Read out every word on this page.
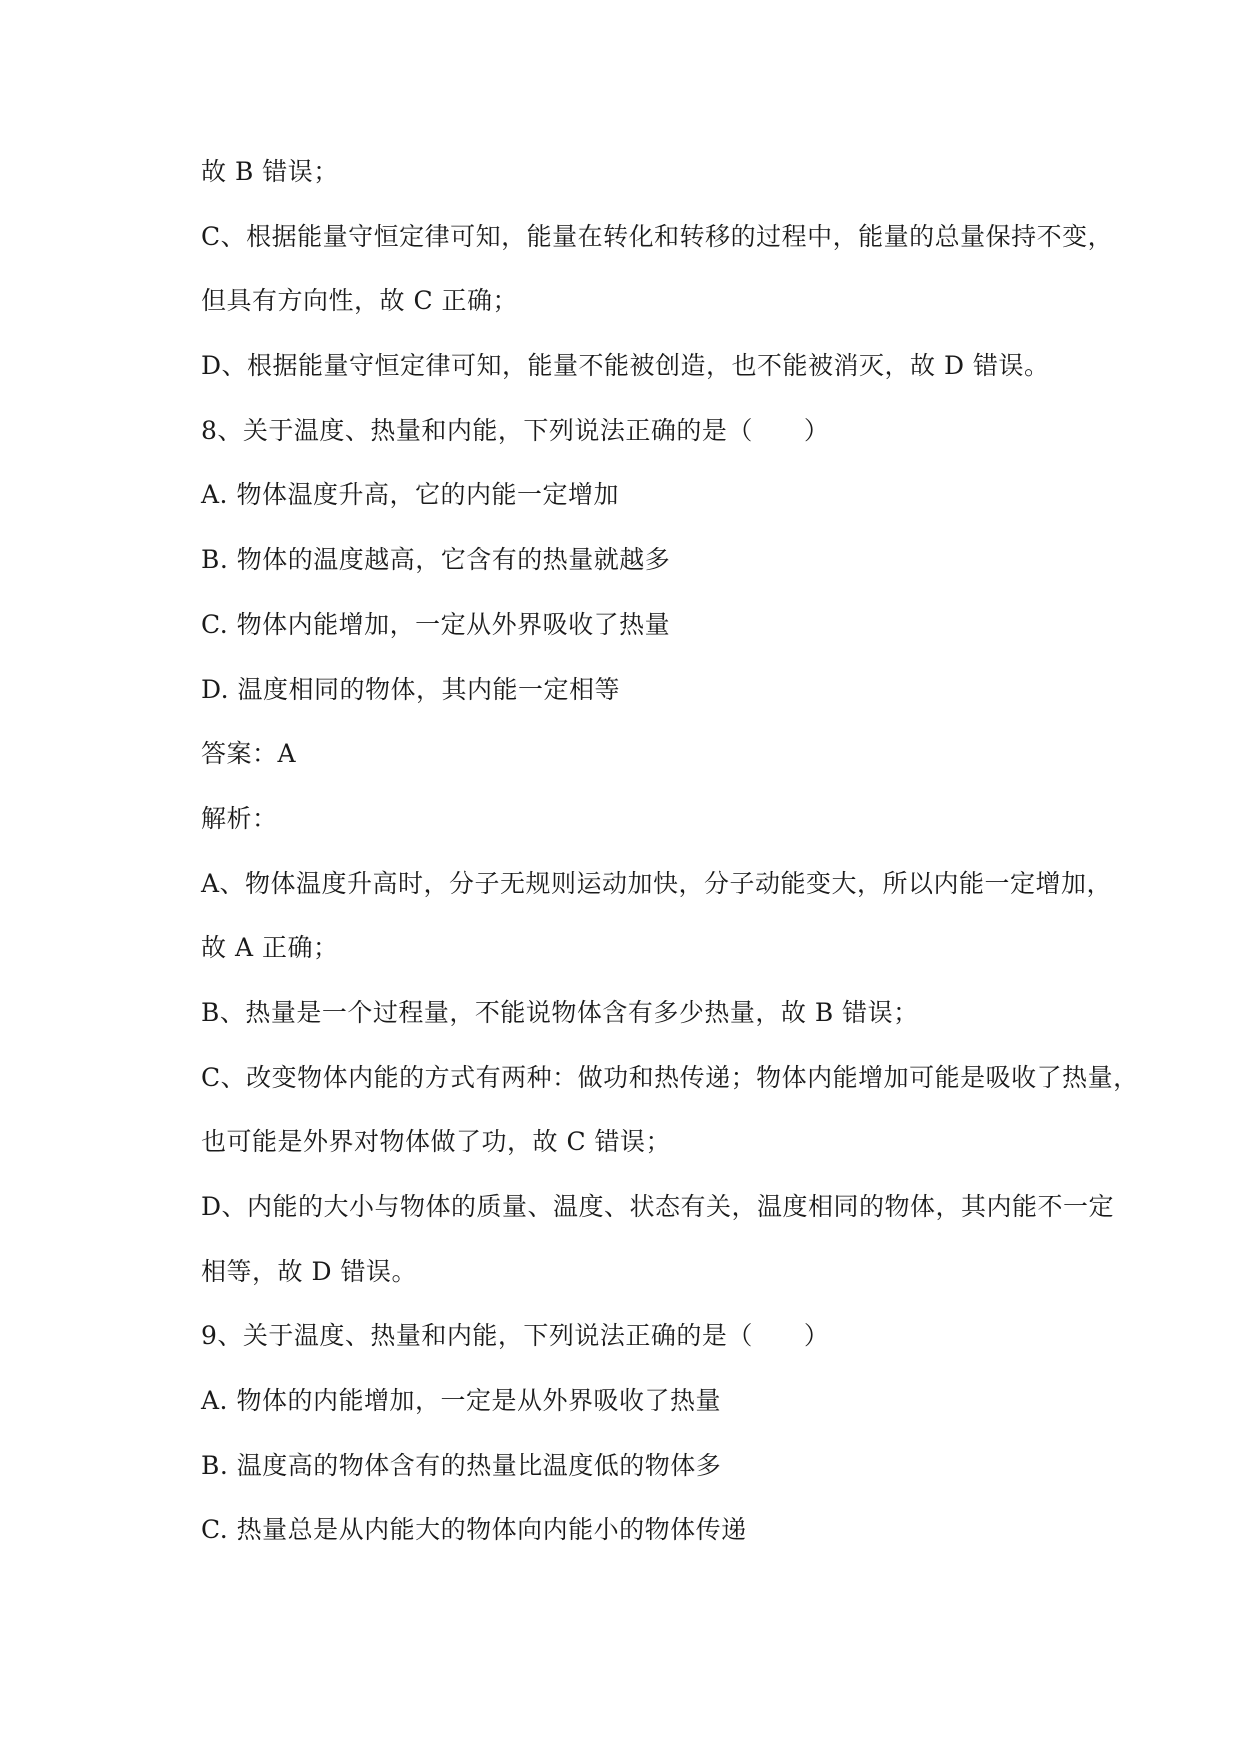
故 B 错误；

C、根据能量守恒定律可知，能量在转化和转移的过程中，能量的总量保持不变，

但具有方向性，故 C 正确；

D、根据能量守恒定律可知，能量不能被创造，也不能被消灭，故 D 错误。

8、关于温度、热量和内能，下列说法正确的是（　　）

A. 物体温度升高，它的内能一定增加

B. 物体的温度越高，它含有的热量就越多

C. 物体内能增加，一定从外界吸收了热量

D. 温度相同的物体，其内能一定相等

答案：A

解析：

A、物体温度升高时，分子无规则运动加快，分子动能变大，所以内能一定增加，

故 A 正确；

B、热量是一个过程量，不能说物体含有多少热量，故 B 错误；

C、改变物体内能的方式有两种：做功和热传递；物体内能增加可能是吸收了热量，

也可能是外界对物体做了功，故 C 错误；

D、内能的大小与物体的质量、温度、状态有关，温度相同的物体，其内能不一定

相等，故 D 错误。

9、关于温度、热量和内能，下列说法正确的是（　　）

A. 物体的内能增加，一定是从外界吸收了热量

B. 温度高的物体含有的热量比温度低的物体多

C. 热量总是从内能大的物体向内能小的物体传递
